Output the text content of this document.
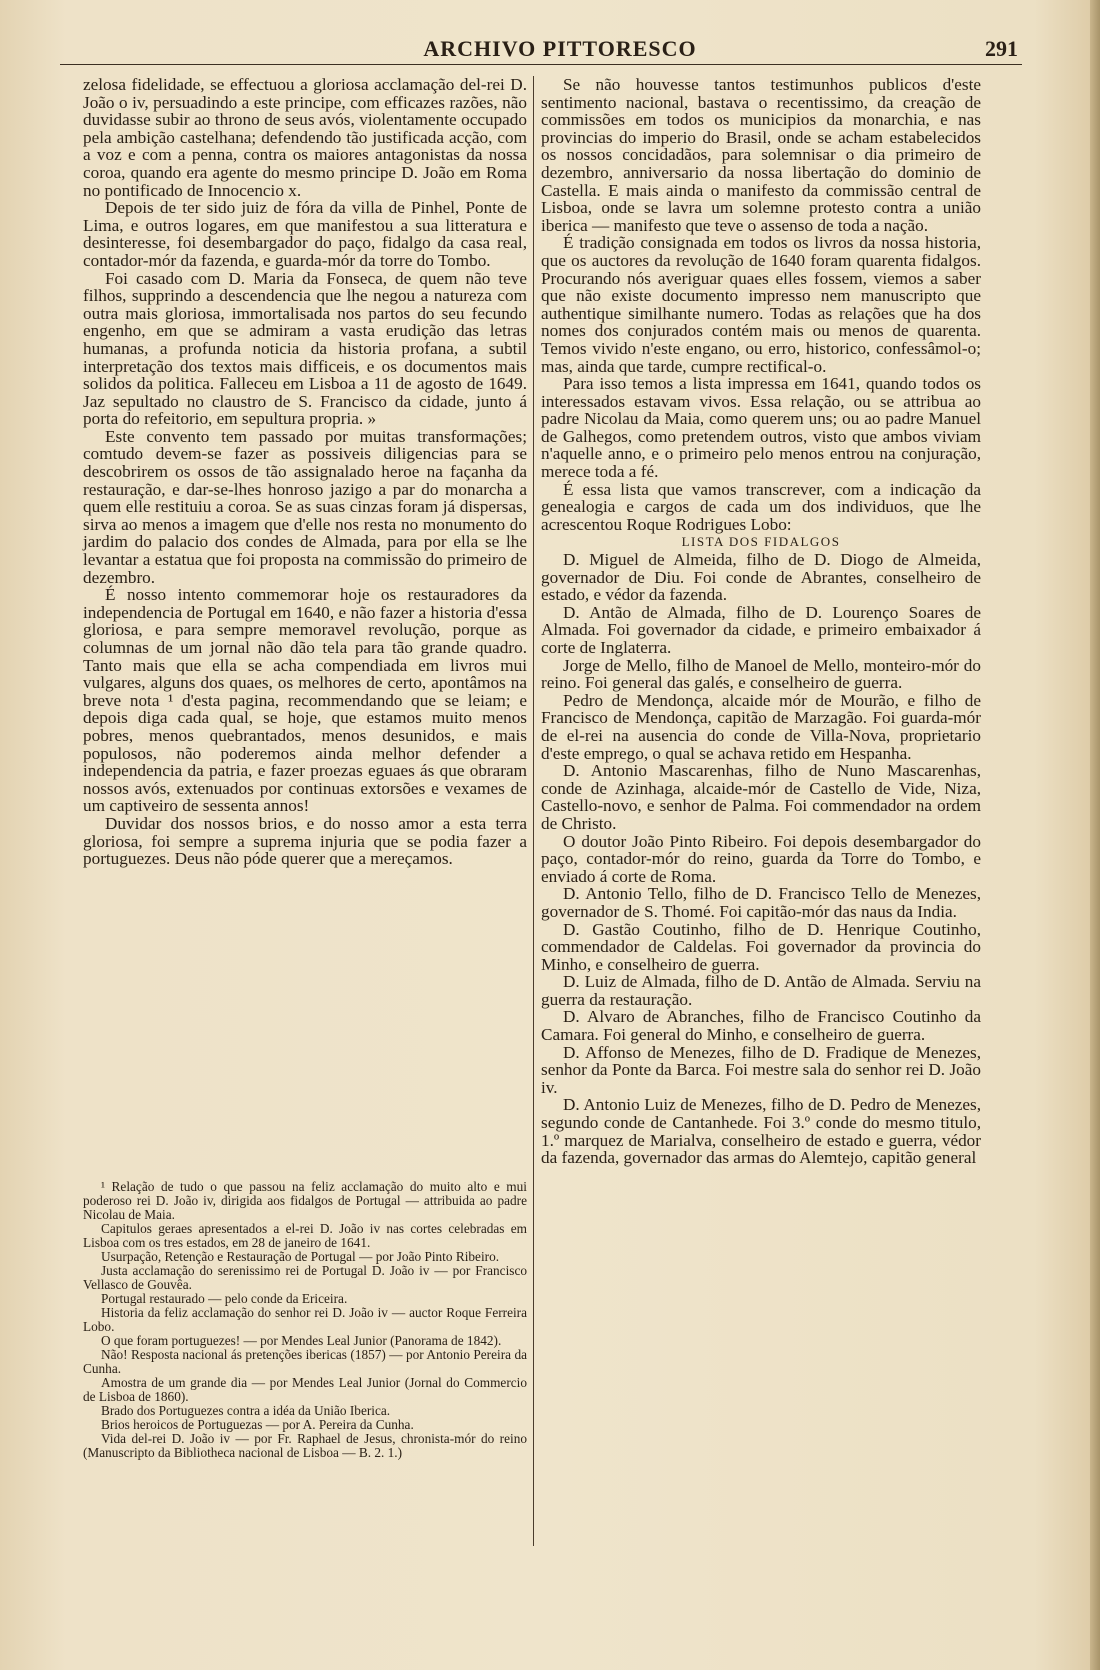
ARCHIVO PITTORESCO	291

zelosa fidelidade, se effectuou a gloriosa acclamação del-rei D. João o iv, persuadindo a este principe, com efficazes razões, não duvidasse subir ao throno de seus avós, violentamente occupado pela ambição castelhana; defendendo tão justificada acção, com a voz e com a penna, contra os maiores antagonistas da nossa coroa, quando era agente do mesmo principe D. João em Roma no pontificado de Innocencio x.

Depois de ter sido juiz de fóra da villa de Pinhel, Ponte de Lima, e outros logares, em que manifestou a sua litteratura e desinteresse, foi desembargador do paço, fidalgo da casa real, contador-mór da fazenda, e guarda-mór da torre do Tombo.

Foi casado com D. Maria da Fonseca, de quem não teve filhos, supprindo a descendencia que lhe negou a natureza com outra mais gloriosa, immortalisada nos partos do seu fecundo engenho, em que se admiram a vasta erudição das letras humanas, a profunda noticia da historia profana, a subtil interpretação dos textos mais difficeis, e os documentos mais solidos da politica. Falleceu em Lisboa a 11 de agosto de 1649. Jaz sepultado no claustro de S. Francisco da cidade, junto á porta do refeitorio, em sepultura propria. »

Este convento tem passado por muitas transformações; comtudo devem-se fazer as possiveis diligencias para se descobrirem os ossos de tão assignalado heroe na façanha da restauração, e dar-se-lhes honroso jazigo a par do monarcha a quem elle restituiu a coroa. Se as suas cinzas foram já dispersas, sirva ao menos a imagem que d'elle nos resta no monumento do jardim do palacio dos condes de Almada, para por ella se lhe levantar a estatua que foi proposta na commissão do primeiro de dezembro.

É nosso intento commemorar hoje os restauradores da independencia de Portugal em 1640, e não fazer a historia d'essa gloriosa, e para sempre memoravel revolução, porque as columnas de um jornal não dão tela para tão grande quadro. Tanto mais que ella se acha compendiada em livros mui vulgares, alguns dos quaes, os melhores de certo, apontâmos na breve nota ¹ d'esta pagina, recommendando que se leiam; e depois diga cada qual, se hoje, que estamos muito menos pobres, menos quebrantados, menos desunidos, e mais populosos, não poderemos ainda melhor defender a independencia da patria, e fazer proezas eguaes ás que obraram nossos avós, extenuados por continuas extorsões e vexames de um captiveiro de sessenta annos!

Duvidar dos nossos brios, e do nosso amor a esta terra gloriosa, foi sempre a suprema injuria que se podia fazer a portuguezes. Deus não póde querer que a mereçamos.

¹ Relação de tudo o que passou na feliz acclamação do muito alto e mui poderoso rei D. João iv, dirigida aos fidalgos de Portugal — attribuida ao padre Nicolau de Maia.

Capitulos geraes apresentados a el-rei D. João iv nas cortes celebradas em Lisboa com os tres estados, em 28 de janeiro de 1641.

Usurpação, Retenção e Restauração de Portugal — por João Pinto Ribeiro.

Justa acclamação do serenissimo rei de Portugal D. João iv — por Francisco Vellasco de Gouvêa.

Portugal restaurado — pelo conde da Ericeira.

Historia da feliz acclamação do senhor rei D. João iv — auctor Roque Ferreira Lobo.

O que foram portuguezes! — por Mendes Leal Junior (Panorama de 1842).

Não! Resposta nacional ás pretenções ibericas (1857) — por Antonio Pereira da Cunha.

Amostra de um grande dia — por Mendes Leal Junior (Jornal do Commercio de Lisboa de 1860).

Brado dos Portuguezes contra a idéa da União Iberica.

Brios heroicos de Portuguezas — por A. Pereira da Cunha.

Vida del-rei D. João iv — por Fr. Raphael de Jesus, chronista-mór do reino (Manuscripto da Bibliotheca nacional de Lisboa — B. 2. 1.)

Se não houvesse tantos testimunhos publicos d'este sentimento nacional, bastava o recentissimo, da creação de commissões em todos os municipios da monarchia, e nas provincias do imperio do Brasil, onde se acham estabelecidos os nossos concidadãos, para solemnisar o dia primeiro de dezembro, anniversario da nossa libertação do dominio de Castella. E mais ainda o manifesto da commissão central de Lisboa, onde se lavra um solemne protesto contra a união iberica — manifesto que teve o assenso de toda a nação.

É tradição consignada em todos os livros da nossa historia, que os auctores da revolução de 1640 foram quarenta fidalgos. Procurando nós averiguar quaes elles fossem, viemos a saber que não existe documento impresso nem manuscripto que authentique similhante numero. Todas as relações que ha dos nomes dos conjurados contém mais ou menos de quarenta. Temos vivido n'este engano, ou erro, historico, confessâmol-o; mas, ainda que tarde, cumpre rectifical-o.

Para isso temos a lista impressa em 1641, quando todos os interessados estavam vivos. Essa relação, ou se attribua ao padre Nicolau da Maia, como querem uns; ou ao padre Manuel de Galhegos, como pretendem outros, visto que ambos viviam n'aquelle anno, e o primeiro pelo menos entrou na conjuração, merece toda a fé.

É essa lista que vamos transcrever, com a indicação da genealogia e cargos de cada um dos individuos, que lhe acrescentou Roque Rodrigues Lobo:

LISTA DOS FIDALGOS

D. Miguel de Almeida, filho de D. Diogo de Almeida, governador de Diu. Foi conde de Abrantes, conselheiro de estado, e védor da fazenda.

D. Antão de Almada, filho de D. Lourenço Soares de Almada. Foi governador da cidade, e primeiro embaixador á corte de Inglaterra.

Jorge de Mello, filho de Manoel de Mello, monteiro-mór do reino. Foi general das galés, e conselheiro de guerra.

Pedro de Mendonça, alcaide mór de Mourão, e filho de Francisco de Mendonça, capitão de Marzagão. Foi guarda-mór de el-rei na ausencia do conde de Villa-Nova, proprietario d'este emprego, o qual se achava retido em Hespanha.

D. Antonio Mascarenhas, filho de Nuno Mascarenhas, conde de Azinhaga, alcaide-mór de Castello de Vide, Niza, Castello-novo, e senhor de Palma. Foi commendador na ordem de Christo.

O doutor João Pinto Ribeiro. Foi depois desembargador do paço, contador-mór do reino, guarda da Torre do Tombo, e enviado á corte de Roma.

D. Antonio Tello, filho de D. Francisco Tello de Menezes, governador de S. Thomé. Foi capitão-mór das naus da India.

D. Gastão Coutinho, filho de D. Henrique Coutinho, commendador de Caldelas. Foi governador da provincia do Minho, e conselheiro de guerra.

D. Luiz de Almada, filho de D. Antão de Almada. Serviu na guerra da restauração.

D. Alvaro de Abranches, filho de Francisco Coutinho da Camara. Foi general do Minho, e conselheiro de guerra.

D. Affonso de Menezes, filho de D. Fradique de Menezes, senhor da Ponte da Barca. Foi mestre sala do senhor rei D. João iv.

D. Antonio Luiz de Menezes, filho de D. Pedro de Menezes, segundo conde de Cantanhede. Foi 3.º conde do mesmo titulo, 1.º marquez de Marialva, conselheiro de estado e guerra, védor da fazenda, governador das armas do Alemtejo, capitão general
